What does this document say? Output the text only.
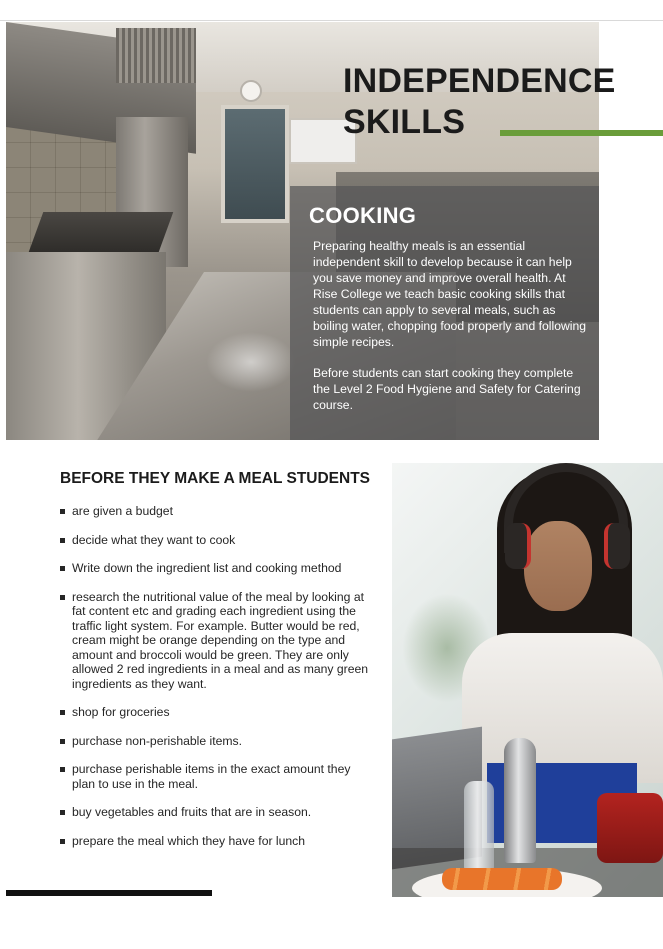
INDEPENDENCE
SKILLS
COOKING

Preparing healthy meals is an essential independent skill to develop because it can help you save money and improve overall health. At Rise College we teach basic cooking skills that students can apply to several meals, such as boiling water, chopping food properly and following simple recipes.

Before students can start cooking they complete the Level 2 Food Hygiene and Safety for Catering course.

BEFORE THEY MAKE A MEAL STUDENTS
are given a budget
decide what they want to cook
Write down the ingredient list and cooking method
research the nutritional value of the meal by looking at fat content etc and grading each ingredient using the traffic light system. For example. Butter would be red, cream might be orange depending on the type and amount and broccoli would be green. They are only allowed 2 red ingredients in a meal and as many green ingredients as they want.
shop for groceries
purchase non-perishable items.
purchase perishable items in the exact amount they plan to use in the meal.
buy vegetables and fruits that are in season.
prepare the meal which they have for lunch
